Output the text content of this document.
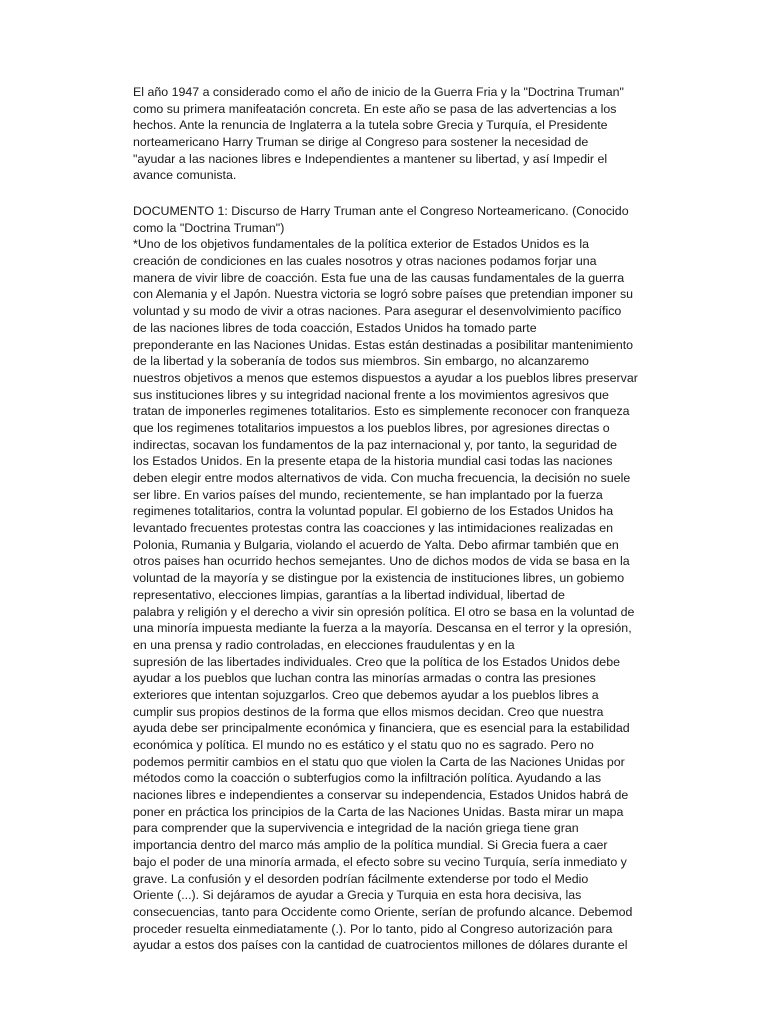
El año 1947 a considerado como el año de inicio de la Guerra Fria y la "Doctrina Truman"
como su primera manifeatación concreta. En este año se pasa de las advertencias a los
hechos. Ante la renuncia de Inglaterra a la tutela sobre Grecia y Turquía, el Presidente
norteamericano Harry Truman se dirige al Congreso para sostener la necesidad de
"ayudar a las naciones libres e Independientes a mantener su libertad, y así Impedir el
avance comunista.
DOCUMENTO 1: Discurso de Harry Truman ante el Congreso Norteamericano. (Conocido
como la "Doctrina Truman")
*Uno de los objetivos fundamentales de la política exterior de Estados Unidos es la
creación de condiciones en las cuales nosotros y otras naciones podamos forjar una
manera de vivir libre de coacción. Esta fue una de las causas fundamentales de la guerra
con Alemania y el Japón. Nuestra victoria se logró sobre países que pretendian imponer su
voluntad y su modo de vivir a otras naciones. Para asegurar el desenvolvimiento pacífico
de las naciones libres de toda coacción, Estados Unidos ha tomado parte
preponderante en las Naciones Unidas. Estas están destinadas a posibilitar mantenimiento
de la libertad y la soberanía de todos sus miembros. Sin embargo, no alcanzaremo
nuestros objetivos a menos que estemos dispuestos a ayudar a los pueblos libres preservar
sus instituciones libres y su integridad nacional frente a los movimientos agresivos que
tratan de imponerles regimenes totalitarios. Esto es simplemente reconocer con franqueza
que los regimenes totalitarios impuestos a los pueblos libres, por agresiones directas o
indirectas, socavan los fundamentos de la paz internacional y, por tanto, la seguridad de
los Estados Unidos. En la presente etapa de la historia mundial casi todas las naciones
deben elegir entre modos alternativos de vida. Con mucha frecuencia, la decisión no suele
ser libre. En varios países del mundo, recientemente, se han implantado por la fuerza
regimenes totalitarios, contra la voluntad popular. El gobierno de los Estados Unidos ha
levantado frecuentes protestas contra las coacciones y las intimidaciones realizadas en
Polonia, Rumania y Bulgaria, violando el acuerdo de Yalta. Debo afirmar también que en
otros paises han ocurrido hechos semejantes. Uno de dichos modos de vida se basa en la
voluntad de la mayoría y se distingue por la existencia de instituciones libres, un gobiemo
representativo, elecciones limpias, garantías a la libertad individual, libertad de
palabra y religión y el derecho a vivir sin opresión política. El otro se basa en la voluntad de
una minoría impuesta mediante la fuerza a la mayoría. Descansa en el terror y la opresión,
en una prensa y radio controladas, en elecciones fraudulentas y en la
supresión de las libertades individuales. Creo que la política de los Estados Unidos debe
ayudar a los pueblos que luchan contra las minorías armadas o contra las presiones
exteriores que intentan sojuzgarlos. Creo que debemos ayudar a los pueblos libres a
cumplir sus propios destinos de la forma que ellos mismos decidan. Creo que nuestra
ayuda debe ser principalmente económica y financiera, que es esencial para la estabilidad
económica y política. El mundo no es estático y el statu quo no es sagrado. Pero no
podemos permitir cambios en el statu quo que violen la Carta de las Naciones Unidas por
métodos como la coacción o subterfugios como la infiltración política. Ayudando a las
naciones libres e independientes a conservar su independencia, Estados Unidos habrá de
poner en práctica los principios de la Carta de las Naciones Unidas. Basta mirar un mapa
para comprender que la supervivencia e integridad de la nación griega tiene gran
importancia dentro del marco más amplio de la política mundial. Si Grecia fuera a caer
bajo el poder de una minoría armada, el efecto sobre su vecino Turquía, sería inmediato y
grave. La confusión y el desorden podrían fácilmente extenderse por todo el Medio
Oriente (...). Si dejáramos de ayudar a Grecia y Turquia en esta hora decisiva, las
consecuencias, tanto para Occidente como Oriente, serían de profundo alcance. Debemod
proceder resuelta einmediatamente (.). Por lo tanto, pido al Congreso autorización para
ayudar a estos dos países con la cantidad de cuatrocientos millones de dólares durante el
